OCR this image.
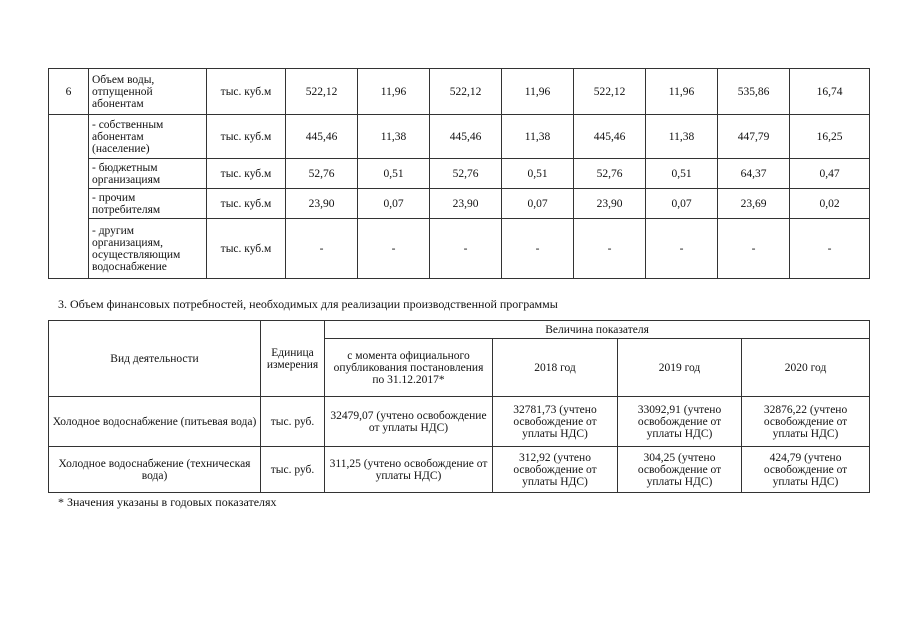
6	Объем воды, отпущенной абонентам	тыс. куб.м	522,12	11,96	522,12	11,96	522,12	11,96	535,86	16,74
	- собственным абонентам (население)	тыс. куб.м	445,46	11,38	445,46	11,38	445,46	11,38	447,79	16,25
	- бюджетным организациям	тыс. куб.м	52,76	0,51	52,76	0,51	52,76	0,51	64,37	0,47
	- прочим потребителям	тыс. куб.м	23,90	0,07	23,90	0,07	23,90	0,07	23,69	0,02
	- другим организациям, осуществляющим водоснабжение	тыс. куб.м	-	-	-	-	-	-	-	-
3. Объем финансовых потребностей, необходимых для реализации производственной программы
Вид деятельности	Единица измерения	Величина показателя			
		с момента официального опубликования постановления по 31.12.2017*	2018 год	2019 год	2020 год
Холодное водоснабжение (питьевая вода)	тыс. руб.	32479,07 (учтено освобождение от уплаты НДС)	32781,73 (учтено освобождение от уплаты НДС)	33092,91 (учтено освобождение от уплаты НДС)	32876,22 (учтено освобождение от уплаты НДС)
Холодное водоснабжение (техническая вода)	тыс. руб.	311,25 (учтено освобождение от уплаты НДС)	312,92 (учтено освобождение от уплаты НДС)	304,25 (учтено освобождение от уплаты НДС)	424,79 (учтено освобождение от уплаты НДС)
* Значения указаны в годовых показателях
